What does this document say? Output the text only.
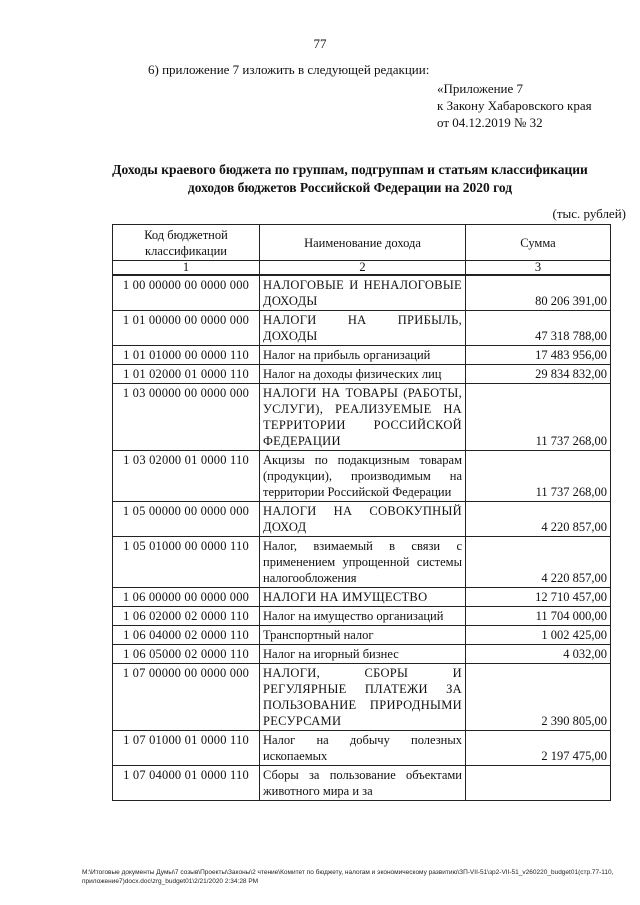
77
6) приложение 7 изложить в следующей редакции:
«Приложение 7
к Закону Хабаровского края
от 04.12.2019 № 32
Доходы краевого бюджета по группам, подгруппам и статьям классификации
доходов бюджетов Российской Федерации на 2020 год
(тыс. рублей)
Код бюджетной классификации	Наименование дохода	Сумма
1	2	3
1 00 00000 00 0000 000	НАЛОГОВЫЕ И НЕНАЛОГОВЫЕ ДОХОДЫ	80 206 391,00
1 01 00000 00 0000 000	НАЛОГИ НА ПРИБЫЛЬ, ДОХОДЫ	47 318 788,00
1 01 01000 00 0000 110	Налог на прибыль организаций	17 483 956,00
1 01 02000 01 0000 110	Налог на доходы физических лиц	29 834 832,00
1 03 00000 00 0000 000	НАЛОГИ НА ТОВАРЫ (РАБОТЫ, УСЛУГИ), РЕАЛИЗУЕМЫЕ НА ТЕРРИТОРИИ РОССИЙСКОЙ ФЕДЕРАЦИИ	11 737 268,00
1 03 02000 01 0000 110	Акцизы по подакцизным товарам (продукции), производимым на территории Российской Федерации	11 737 268,00
1 05 00000 00 0000 000	НАЛОГИ НА СОВОКУПНЫЙ ДОХОД	4 220 857,00
1 05 01000 00 0000 110	Налог, взимаемый в связи с применением упрощенной системы налогообложения	4 220 857,00
1 06 00000 00 0000 000	НАЛОГИ НА ИМУЩЕСТВО	12 710 457,00
1 06 02000 02 0000 110	Налог на имущество организаций	11 704 000,00
1 06 04000 02 0000 110	Транспортный налог	1 002 425,00
1 06 05000 02 0000 110	Налог на игорный бизнес	4 032,00
1 07 00000 00 0000 000	НАЛОГИ, СБОРЫ И РЕГУЛЯРНЫЕ ПЛАТЕЖИ ЗА ПОЛЬЗОВАНИЕ ПРИРОДНЫМИ РЕСУРСАМИ	2 390 805,00
1 07 01000 01 0000 110	Налог на добычу полезных ископаемых	2 197 475,00
1 07 04000 01 0000 110	Сборы за пользование объектами животного мира и за	
М:\Итоговые документы Думы\7 созыв\Проекты\Законы\2 чтение\Комитет по бюджету, налогам и экономическому развитию\ЗП-VII-51\зр2-VII-51_v260220_budget01(стр.77-110, приложение7)docx.doc\zrg_budget01\2/21/2020 2:34:28 PM
